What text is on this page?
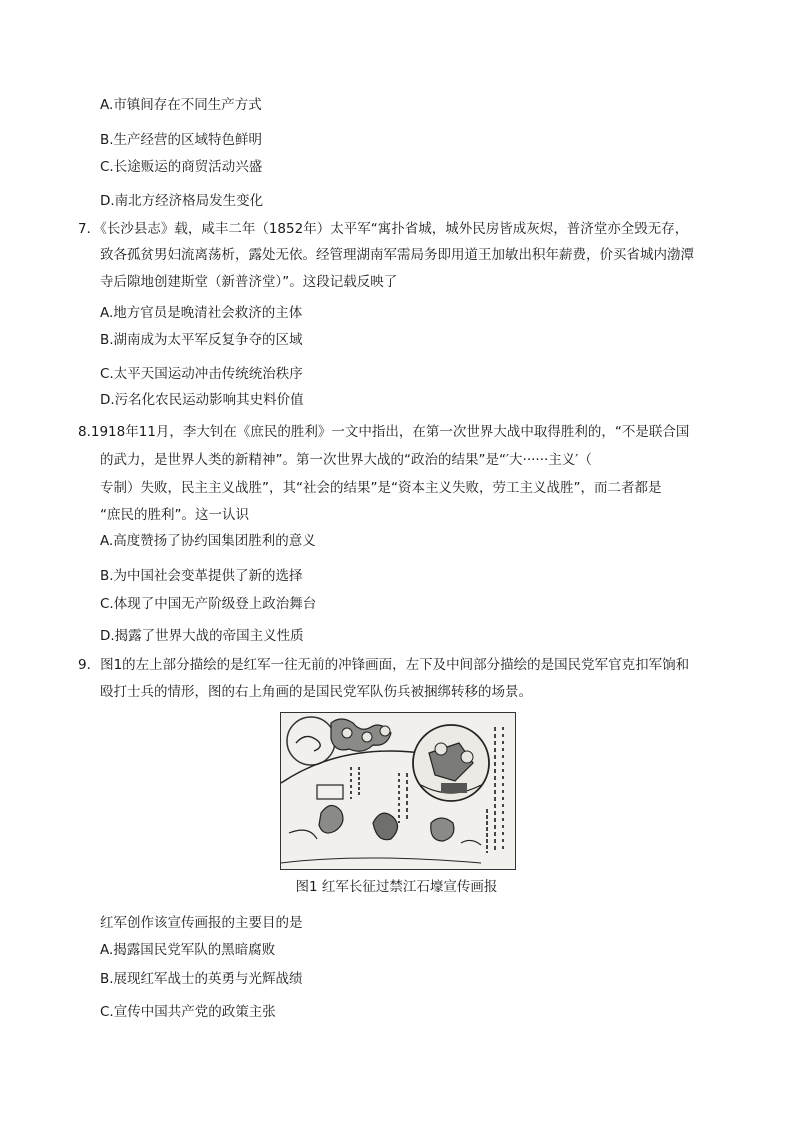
A.市镇间存在不同生产方式
B.生产经营的区域特色鲜明
C.长途贩运的商贸活动兴盛
D.南北方经济格局发生变化
7．《长沙县志》载，咸丰二年（1852年）太平军“寓扑省城，城外民房皆成灰烬，普济堂亦全毁无存，
致各孤贫男妇流离荡析，露处无依。经管理湖南军需局务即用道王加敏出积年薪费，价买省城内渤潭
寺后隙地创建斯堂（新普济堂）”。这段记载反映了
A.地方官员是晚清社会救济的主体
B.湖南成为太平军反复争夺的区域
C.太平天国运动冲击传统统治秩序
D.污名化农民运动影响其史料价值
8.1918年11月，李大钊在《庶民的胜利》一文中指出，在第一次世界大战中取得胜利的，“不是联合国
的武力，是世界人类的新精神”。第一次世界大战的“政治的结果”是“′大······主义′（
专制）失败，民主主义战胜”，其“社会的结果”是“资本主义失败，劳工主义战胜”，而二者都是
“庶民的胜利”。这一认识
A.高度赞扬了协约国集团胜利的意义
B.为中国社会变革提供了新的选择
C.体现了中国无产阶级登上政治舞台
D.揭露了世界大战的帝国主义性质
9．图1的左上部分描绘的是红军一往无前的冲锋画面，左下及中间部分描绘的是国民党军官克扣军饷和
殴打士兵的情形，图的右上角画的是国民党军队伤兵被捆绑转移的场景。
图1 红军长征过禁江石壕宣传画报
红军创作该宣传画报的主要目的是
A.揭露国民党军队的黑暗腐败
B.展现红军战士的英勇与光辉战绩
C.宣传中国共产党的政策主张
